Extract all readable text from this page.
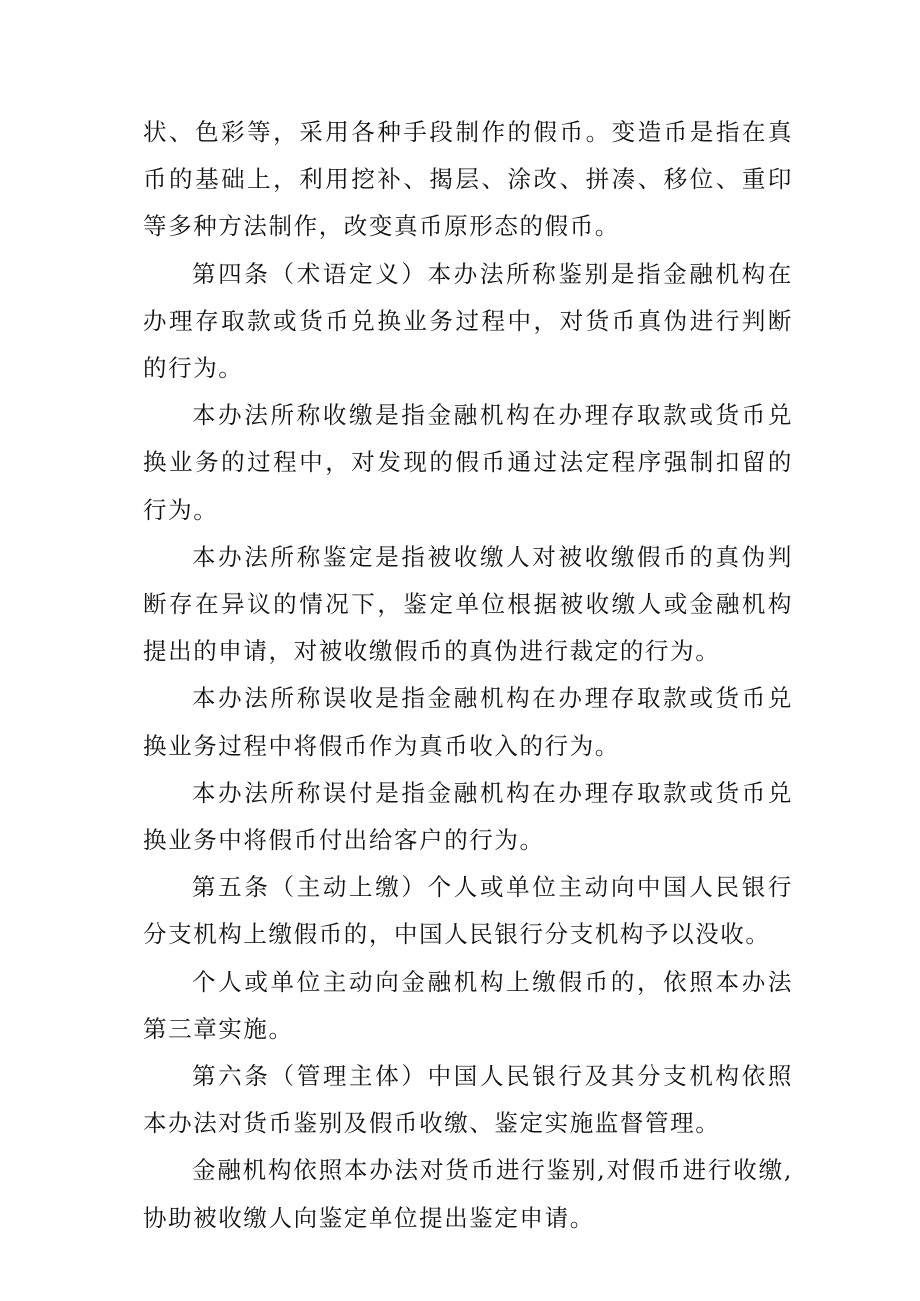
状、色彩等，采用各种手段制作的假币。变造币是指在真币的基础上，利用挖补、揭层、涂改、拼凑、移位、重印等多种方法制作，改变真币原形态的假币。

第四条（术语定义）本办法所称鉴别是指金融机构在办理存取款或货币兑换业务过程中，对货币真伪进行判断的行为。

本办法所称收缴是指金融机构在办理存取款或货币兑换业务的过程中，对发现的假币通过法定程序强制扣留的行为。

本办法所称鉴定是指被收缴人对被收缴假币的真伪判断存在异议的情况下，鉴定单位根据被收缴人或金融机构提出的申请，对被收缴假币的真伪进行裁定的行为。

本办法所称误收是指金融机构在办理存取款或货币兑换业务过程中将假币作为真币收入的行为。

本办法所称误付是指金融机构在办理存取款或货币兑换业务中将假币付出给客户的行为。

第五条（主动上缴）个人或单位主动向中国人民银行分支机构上缴假币的，中国人民银行分支机构予以没收。

个人或单位主动向金融机构上缴假币的，依照本办法第三章实施。

第六条（管理主体）中国人民银行及其分支机构依照本办法对货币鉴别及假币收缴、鉴定实施监督管理。

金融机构依照本办法对货币进行鉴别,对假币进行收缴,协助被收缴人向鉴定单位提出鉴定申请。
